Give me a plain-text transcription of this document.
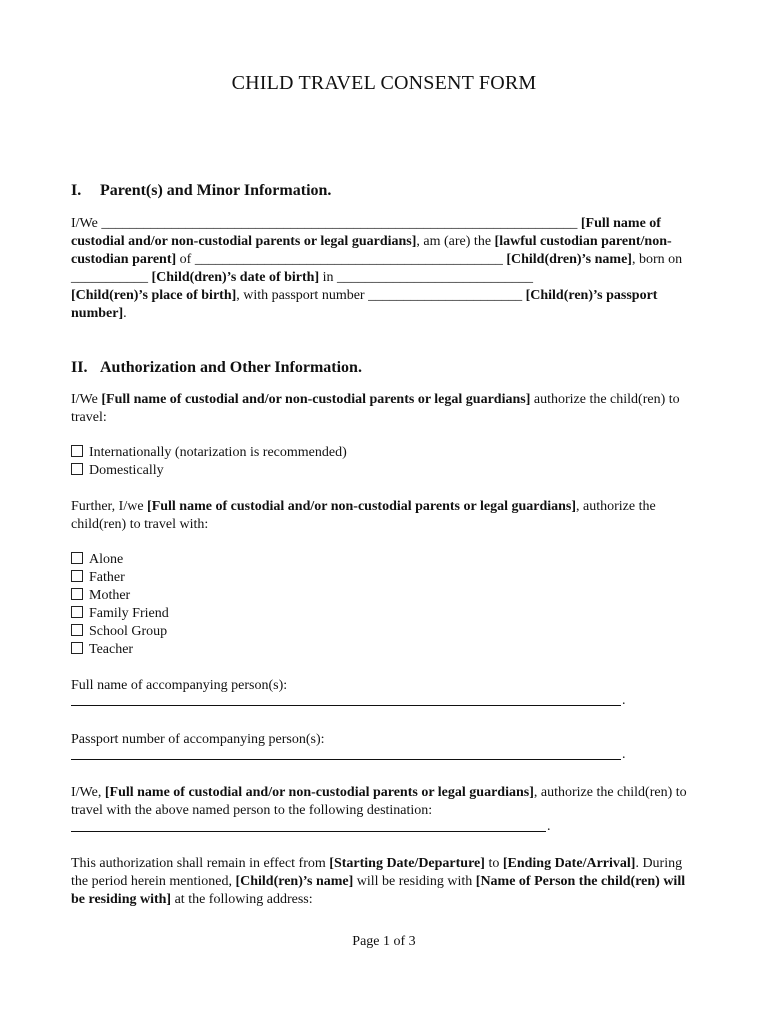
CHILD TRAVEL CONSENT FORM
I. Parent(s) and Minor Information.
I/We ____________________________________________________________________ [Full name of custodial and/or non-custodial parents or legal guardians], am (are) the [lawful custodian parent/non-custodian parent] of ____________________________________________ [Child(dren)’s name], born on ___________ [Child(dren)’s date of birth] in ____________________________
[Child(ren)’s place of birth], with passport number ______________________ [Child(ren)’s passport number].
II. Authorization and Other Information.
I/We [Full name of custodial and/or non-custodial parents or legal guardians] authorize the child(ren) to travel:
Internationally (notarization is recommended)
Domestically
Further, I/we [Full name of custodial and/or non-custodial parents or legal guardians], authorize the child(ren) to travel with:
Alone
Father
Mother
Family Friend
School Group
Teacher
Full name of accompanying person(s):
.
Passport number of accompanying person(s):
.
I/We, [Full name of custodial and/or non-custodial parents or legal guardians], authorize the child(ren) to travel with the above named person to the following destination:
.
This authorization shall remain in effect from [Starting Date/Departure] to [Ending Date/Arrival]. During the period herein mentioned, [Child(ren)’s name] will be residing with [Name of Person the child(ren) will be residing with] at the following address:
Page 1 of 3
